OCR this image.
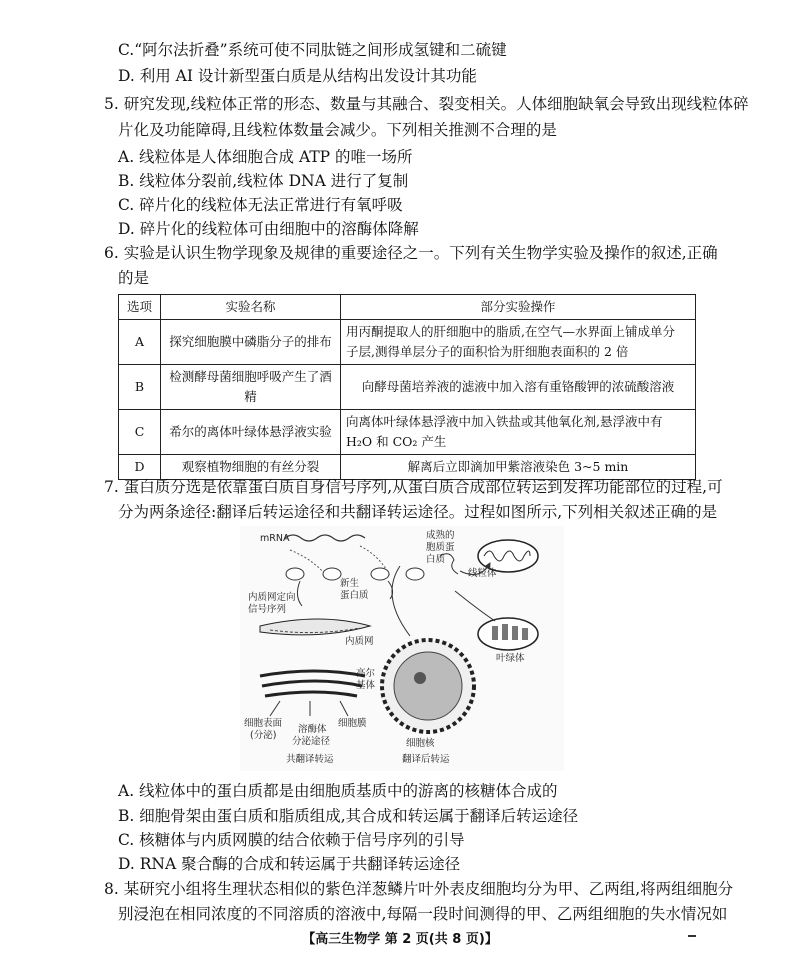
C.“阿尔法折叠”系统可使不同肽链之间形成氢键和二硫键
D. 利用 AI 设计新型蛋白质是从结构出发设计其功能
5. 研究发现,线粒体正常的形态、数量与其融合、裂变相关。人体细胞缺氧会导致出现线粒体碎
片化及功能障碍,且线粒体数量会减少。下列相关推测不合理的是
A. 线粒体是人体细胞合成 ATP 的唯一场所
B. 线粒体分裂前,线粒体 DNA 进行了复制
C. 碎片化的线粒体无法正常进行有氧呼吸
D. 碎片化的线粒体可由细胞中的溶酶体降解
6. 实验是认识生物学现象及规律的重要途径之一。下列有关生物学实验及操作的叙述,正确
的是
选项	实验名称	部分实验操作
A	探究细胞膜中磷脂分子的排布	用丙酮提取人的肝细胞中的脂质,在空气—水界面上铺成单分
子层,测得单层分子的面积恰为肝细胞表面积的 2 倍

B	检测酵母菌细胞呼吸产生了酒精	向酵母菌培养液的滤液中加入溶有重铬酸钾的浓硫酸溶液

C	希尔的离体叶绿体悬浮液实验	向离体叶绿体悬浮液中加入铁盐或其他氧化剂,悬浮液中有
H₂O 和 CO₂ 产生

D	观察植物细胞的有丝分裂	解离后立即滴加甲紫溶液染色 3~5 min
7. 蛋白质分选是依靠蛋白质自身信号序列,从蛋白质合成部位转运到发挥功能部位的过程,可
分为两条途径:翻译后转运途径和共翻译转运途径。过程如图所示,下列相关叙述正确的是
mRNA
内质网定向
信号序列
新生
蛋白质
成熟的
胞质蛋
白质
线粒体
叶绿体
内质网
高尔
基体
细胞表面
(分泌)
溶酶体
分泌途径
细胞膜
共翻译转运
细胞核
翻译后转运
A. 线粒体中的蛋白质都是由细胞质基质中的游离的核糖体合成的
B. 细胞骨架由蛋白质和脂质组成,其合成和转运属于翻译后转运途径
C. 核糖体与内质网膜的结合依赖于信号序列的引导
D. RNA 聚合酶的合成和转运属于共翻译转运途径
8. 某研究小组将生理状态相似的紫色洋葱鳞片叶外表皮细胞均分为甲、乙两组,将两组细胞分
别浸泡在相同浓度的不同溶质的溶液中,每隔一段时间测得的甲、乙两组细胞的失水情况如
【高三生物学 第 2 页(共 8 页)】
